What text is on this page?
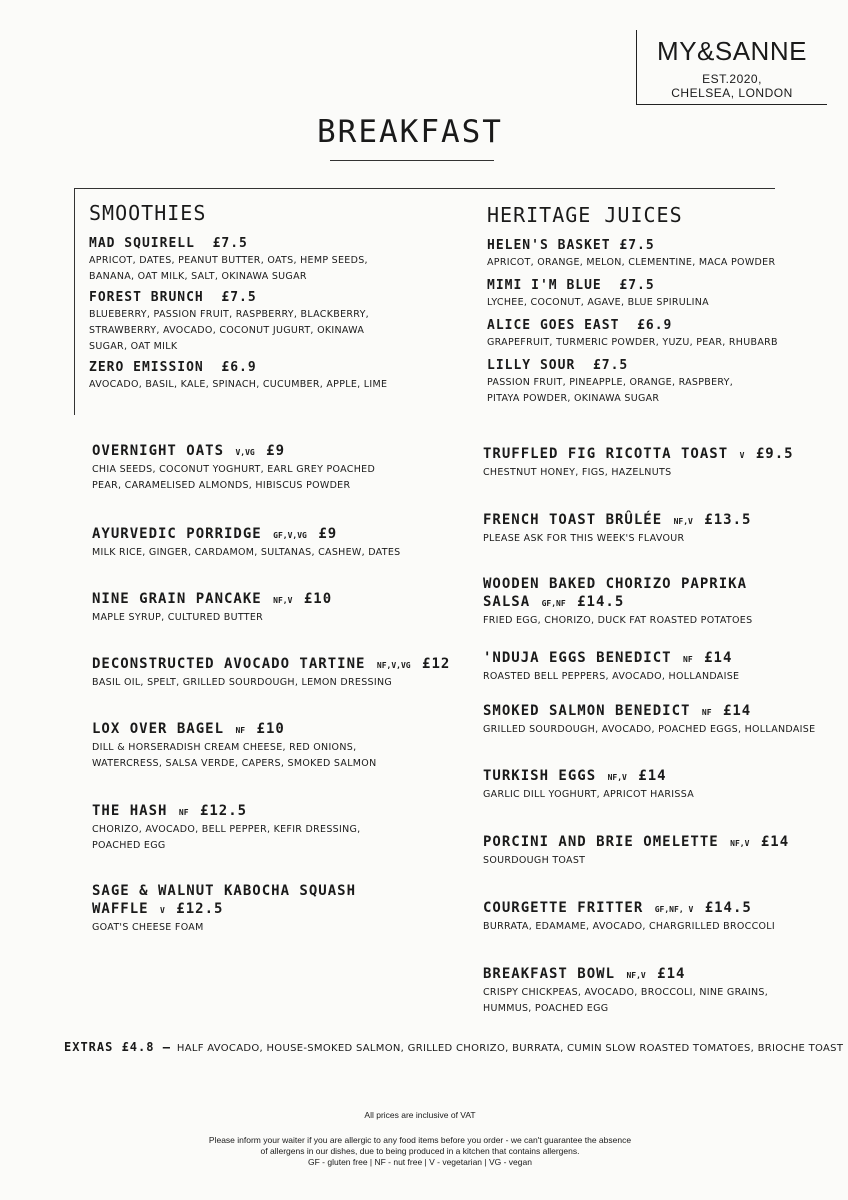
MY&SANNE
EST.2020,
CHELSEA, LONDON
BREAKFAST
SMOOTHIES	HERITAGE JUICES
MAD SQUIRELL £7.5
APRICOT, DATES, PEANUT BUTTER, OATS, HEMP SEEDS,
BANANA, OAT MILK, SALT, OKINAWA SUGAR
FOREST BRUNCH £7.5
BLUEBERRY, PASSION FRUIT, RASPBERRY, BLACKBERRY,
STRAWBERRY, AVOCADO, COCONUT JUGURT, OKINAWA
SUGAR, OAT MILK
ZERO EMISSION £6.9
AVOCADO, BASIL, KALE, SPINACH, CUCUMBER, APPLE, LIME
HELEN'S BASKET £7.5
APRICOT, ORANGE, MELON, CLEMENTINE, MACA POWDER
MIMI I'M BLUE £7.5
LYCHEE, COCONUT, AGAVE, BLUE SPIRULINA
ALICE GOES EAST £6.9
GRAPEFRUIT, TURMERIC POWDER, YUZU, PEAR, RHUBARB
LILLY SOUR £7.5
PASSION FRUIT, PINEAPPLE, ORANGE, RASPBERY,
PITAYA POWDER, OKINAWA SUGAR
OVERNIGHT OATS V,VG £9
CHIA SEEDS, COCONUT YOGHURT, EARL GREY POACHED
PEAR, CARAMELISED ALMONDS, HIBISCUS POWDER
AYURVEDIC PORRIDGE GF,V,VG £9
MILK RICE, GINGER, CARDAMOM, SULTANAS, CASHEW, DATES
NINE GRAIN PANCAKE NF,V £10
MAPLE SYRUP, CULTURED BUTTER
DECONSTRUCTED AVOCADO TARTINE NF,V,VG £12
BASIL OIL, SPELT, GRILLED SOURDOUGH, LEMON DRESSING
LOX OVER BAGEL NF £10
DILL & HORSERADISH CREAM CHEESE, RED ONIONS,
WATERCRESS, SALSA VERDE, CAPERS, SMOKED SALMON
THE HASH NF £12.5
CHORIZO, AVOCADO, BELL PEPPER, KEFIR DRESSING,
POACHED EGG
SAGE & WALNUT KABOCHA SQUASH
WAFFLE V £12.5
GOAT'S CHEESE FOAM
TRUFFLED FIG RICOTTA TOAST V £9.5
CHESTNUT HONEY, FIGS, HAZELNUTS
FRENCH TOAST BRÛLÉE NF,V £13.5
PLEASE ASK FOR THIS WEEK'S FLAVOUR
WOODEN BAKED CHORIZO PAPRIKA
SALSA GF,NF £14.5
FRIED EGG, CHORIZO, DUCK FAT ROASTED POTATOES
'NDUJA EGGS BENEDICT NF £14
ROASTED BELL PEPPERS, AVOCADO, HOLLANDAISE
SMOKED SALMON BENEDICT NF £14
GRILLED SOURDOUGH, AVOCADO, POACHED EGGS, HOLLANDAISE
TURKISH EGGS NF,V £14
GARLIC DILL YOGHURT, APRICOT HARISSA
PORCINI AND BRIE OMELETTE NF,V £14
SOURDOUGH TOAST
COURGETTE FRITTER GF,NF, V £14.5
BURRATA, EDAMAME, AVOCADO, CHARGRILLED BROCCOLI
BREAKFAST BOWL NF,V £14
CRISPY CHICKPEAS, AVOCADO, BROCCOLI, NINE GRAINS,
HUMMUS, POACHED EGG
EXTRAS £4.8 – HALF AVOCADO, HOUSE-SMOKED SALMON, GRILLED CHORIZO, BURRATA, CUMIN SLOW ROASTED TOMATOES, BRIOCHE TOAST
All prices are inclusive of VAT
Please inform your waiter if you are allergic to any food items before you order - we can't guarantee the absence
of allergens in our dishes, due to being produced in a kitchen that contains allergens.
GF - gluten free | NF - nut free | V - vegetarian | VG - vegan
